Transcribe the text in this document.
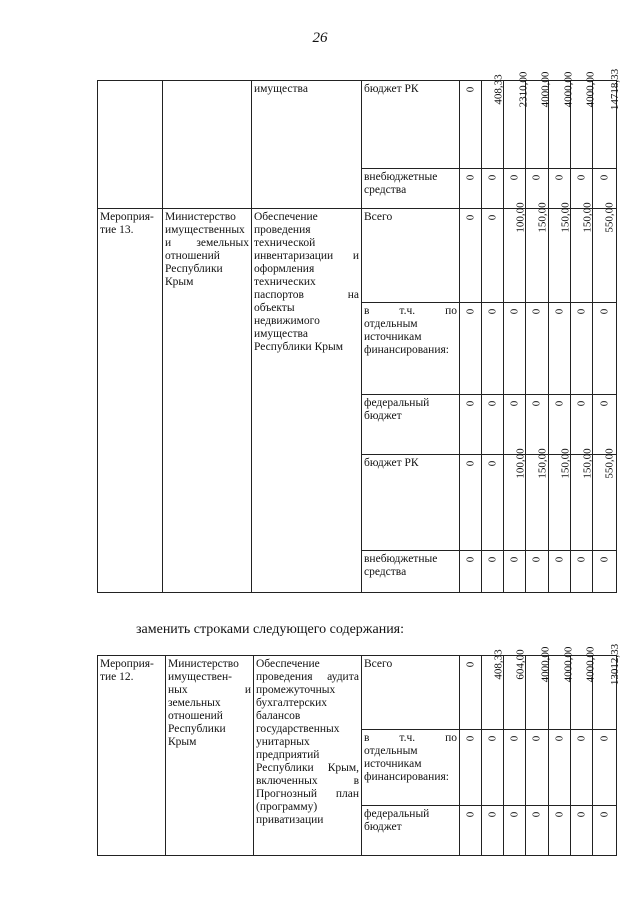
26
		имущества	бюджет РК	0	408,33	2310,00	4000,00	4000,00	4000,00	14718,33
			внебюджетные средства	0	0	0	0	0	0	0
Мероприя-тие 13.	Министерство имущественных и земельных отношений Республики Крым	Обеспечение проведения технической инвентаризации и оформления технических паспортов на объекты недвижимого имущества Республики Крым	Всего	0	0	100,00	150,00	150,00	150,00	550,00
			в т.ч. по отдельным источникам финансирования:	0	0	0	0	0	0	0
			федеральный бюджет	0	0	0	0	0	0	0
			бюджет РК	0	0	100,00	150,00	150,00	150,00	550,00
			внебюджетные средства	0	0	0	0	0	0	0
заменить строками следующего содержания:
Мероприя-тие 12.	Министерство имуществен-ных и земельных отношений Республики Крым	Обеспечение проведения аудита промежуточных бухгалтерских балансов государственных унитарных предприятий Республики Крым, включенных в Прогнозный план (программу) приватизации	Всего	0	408,33	604,00	4000,00	4000,00	4000,00	13012,33
			в т.ч. по отдельным источникам финансирования:	0	0	0	0	0	0	0
			федеральный бюджет	0	0	0	0	0	0	0
